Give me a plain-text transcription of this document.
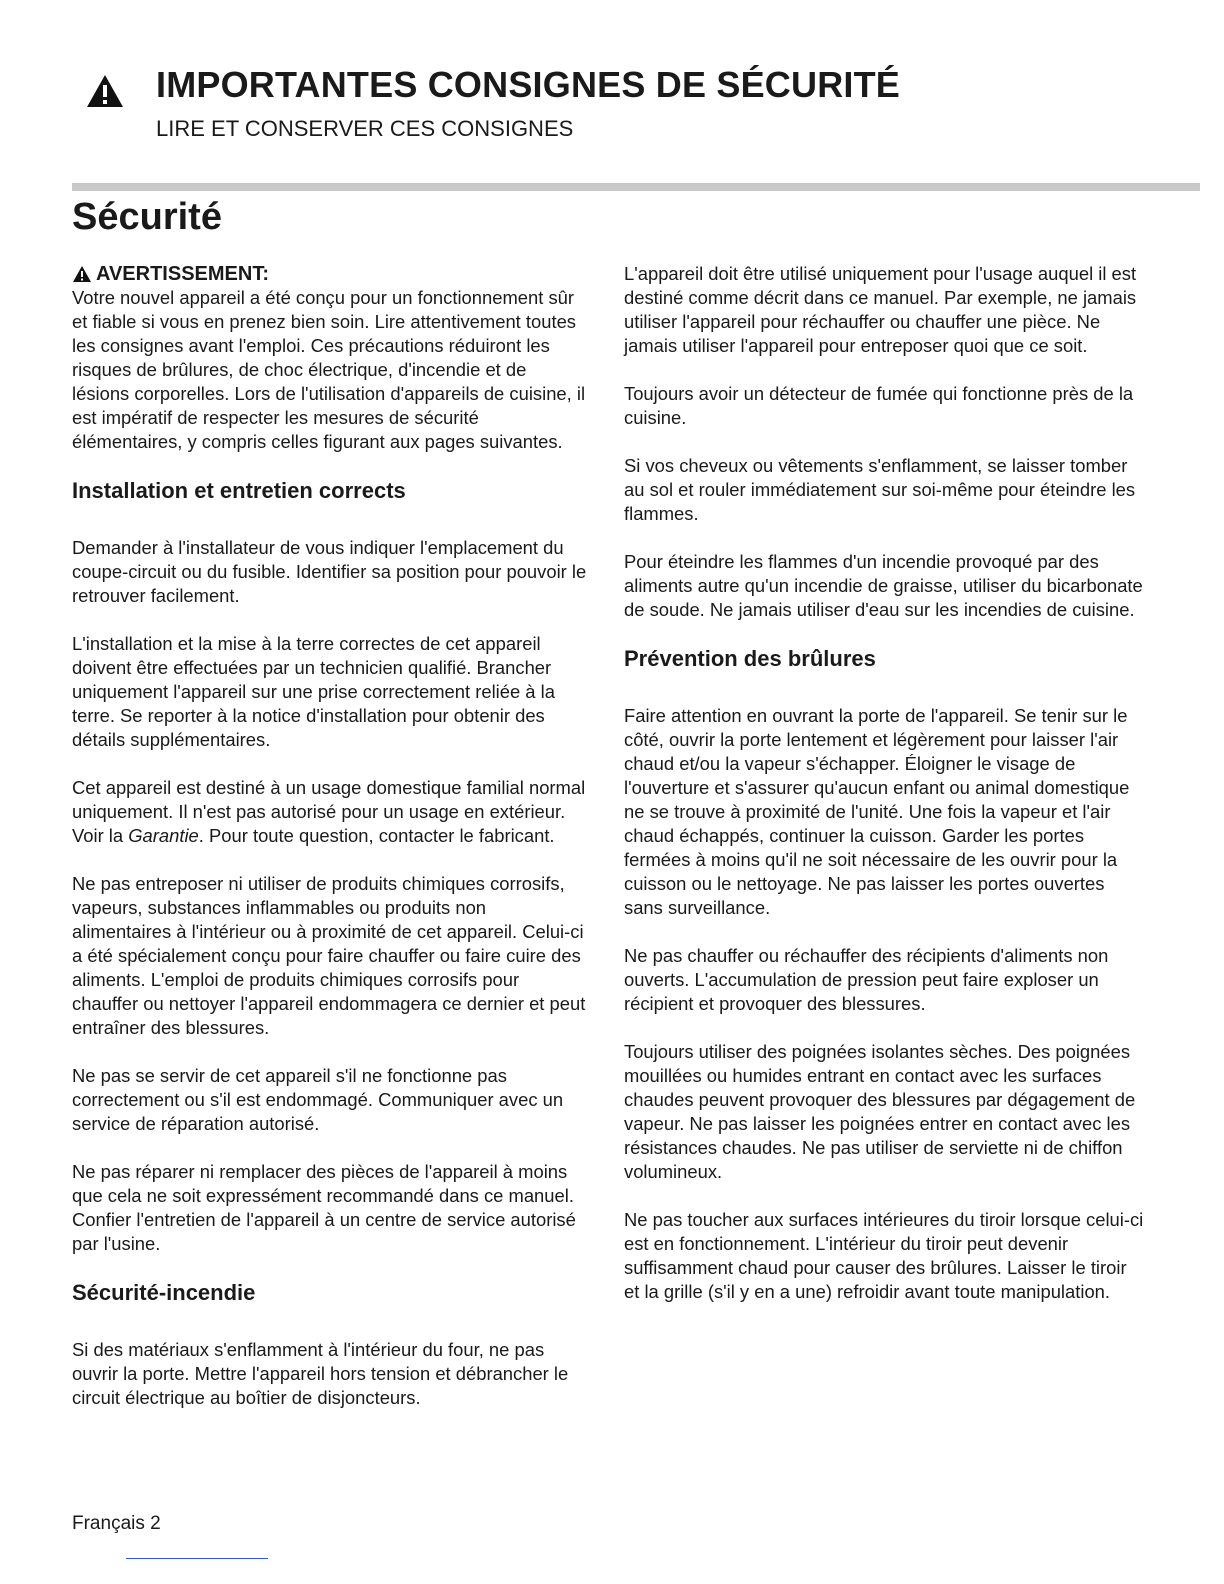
IMPORTANTES CONSIGNES DE SÉCURITÉ
LIRE ET CONSERVER CES CONSIGNES
Sécurité
AVERTISSEMENT:

Votre nouvel appareil a été conçu pour un fonctionnement sûr et fiable si vous en prenez bien soin. Lire attentivement toutes les consignes avant l'emploi. Ces précautions réduiront les risques de brûlures, de choc électrique, d'incendie et de lésions corporelles. Lors de l'utilisation d'appareils de cuisine, il est impératif de respecter les mesures de sécurité élémentaires, y compris celles figurant aux pages suivantes.

Installation et entretien corrects

Demander à l'installateur de vous indiquer l'emplacement du coupe-circuit ou du fusible. Identifier sa position pour pouvoir le retrouver facilement.

L'installation et la mise à la terre correctes de cet appareil doivent être effectuées par un technicien qualifié. Brancher uniquement l'appareil sur une prise correctement reliée à la terre. Se reporter à la notice d'installation pour obtenir des détails supplémentaires.

Cet appareil est destiné à un usage domestique familial normal uniquement. Il n'est pas autorisé pour un usage en extérieur. Voir la Garantie. Pour toute question, contacter le fabricant.

Ne pas entreposer ni utiliser de produits chimiques corrosifs, vapeurs, substances inflammables ou produits non alimentaires à l'intérieur ou à proximité de cet appareil. Celui-ci a été spécialement conçu pour faire chauffer ou faire cuire des aliments. L'emploi de produits chimiques corrosifs pour chauffer ou nettoyer l'appareil endommagera ce dernier et peut entraîner des blessures.

Ne pas se servir de cet appareil s'il ne fonctionne pas correctement ou s'il est endommagé. Communiquer avec un service de réparation autorisé.

Ne pas réparer ni remplacer des pièces de l'appareil à moins que cela ne soit expressément recommandé dans ce manuel. Confier l'entretien de l'appareil à un centre de service autorisé par l'usine.

Sécurité-incendie

Si des matériaux s'enflamment à l'intérieur du four, ne pas ouvrir la porte. Mettre l'appareil hors tension et débrancher le circuit électrique au boîtier de disjoncteurs.

L'appareil doit être utilisé uniquement pour l'usage auquel il est destiné comme décrit dans ce manuel. Par exemple, ne jamais utiliser l'appareil pour réchauffer ou chauffer une pièce. Ne jamais utiliser l'appareil pour entreposer quoi que ce soit.

Toujours avoir un détecteur de fumée qui fonctionne près de la cuisine.

Si vos cheveux ou vêtements s'enflamment, se laisser tomber au sol et rouler immédiatement sur soi-même pour éteindre les flammes.

Pour éteindre les flammes d'un incendie provoqué par des aliments autre qu'un incendie de graisse, utiliser du bicarbonate de soude. Ne jamais utiliser d'eau sur les incendies de cuisine.

Prévention des brûlures

Faire attention en ouvrant la porte de l'appareil. Se tenir sur le côté, ouvrir la porte lentement et légèrement pour laisser l'air chaud et/ou la vapeur s'échapper. Éloigner le visage de l'ouverture et s'assurer qu'aucun enfant ou animal domestique ne se trouve à proximité de l'unité. Une fois la vapeur et l'air chaud échappés, continuer la cuisson. Garder les portes fermées à moins qu'il ne soit nécessaire de les ouvrir pour la cuisson ou le nettoyage. Ne pas laisser les portes ouvertes sans surveillance.

Ne pas chauffer ou réchauffer des récipients d'aliments non ouverts. L'accumulation de pression peut faire exploser un récipient et provoquer des blessures.

Toujours utiliser des poignées isolantes sèches. Des poignées mouillées ou humides entrant en contact avec les surfaces chaudes peuvent provoquer des blessures par dégagement de vapeur. Ne pas laisser les poignées entrer en contact avec les résistances chaudes. Ne pas utiliser de serviette ni de chiffon volumineux.

Ne pas toucher aux surfaces intérieures du tiroir lorsque celui-ci est en fonctionnement. L'intérieur du tiroir peut devenir suffisamment chaud pour causer des brûlures. Laisser le tiroir et la grille (s'il y en a une) refroidir avant toute manipulation.

Français 2
